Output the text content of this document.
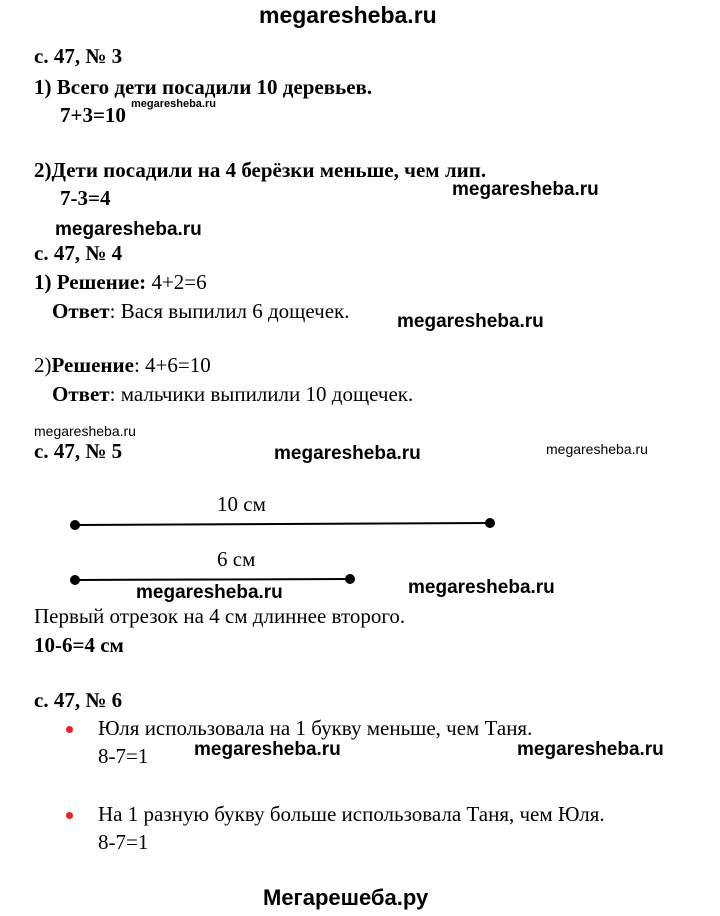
megaresheba.ru
с. 47, № 3
1) Всего дети посадили 10 деревьев.
7+3=10 megaresheba.ru
2)Дети посадили на 4 берёзки меньше, чем лип.
7-3=4	megaresheba.ru
megaresheba.ru
с. 47, № 4
1) Решение: 4+2=6
Ответ: Вася выпилил 6 дощечек.	megaresheba.ru
2)Решение: 4+6=10
Ответ: мальчики выпилили 10 дощечек.
megaresheba.ru
с. 47, № 5	megaresheba.ru	megaresheba.ru
10 см
6 см
megaresheba.ru	megaresheba.ru
Первый отрезок на 4 см длиннее второго.
10-6=4 см
с. 47, № 6
Юля использовала на 1 букву меньше, чем Таня.
8-7=1 megaresheba.ru	megaresheba.ru
На 1 разную букву больше использовала Таня, чем Юля.
8-7=1
Мегарешеба.ру
